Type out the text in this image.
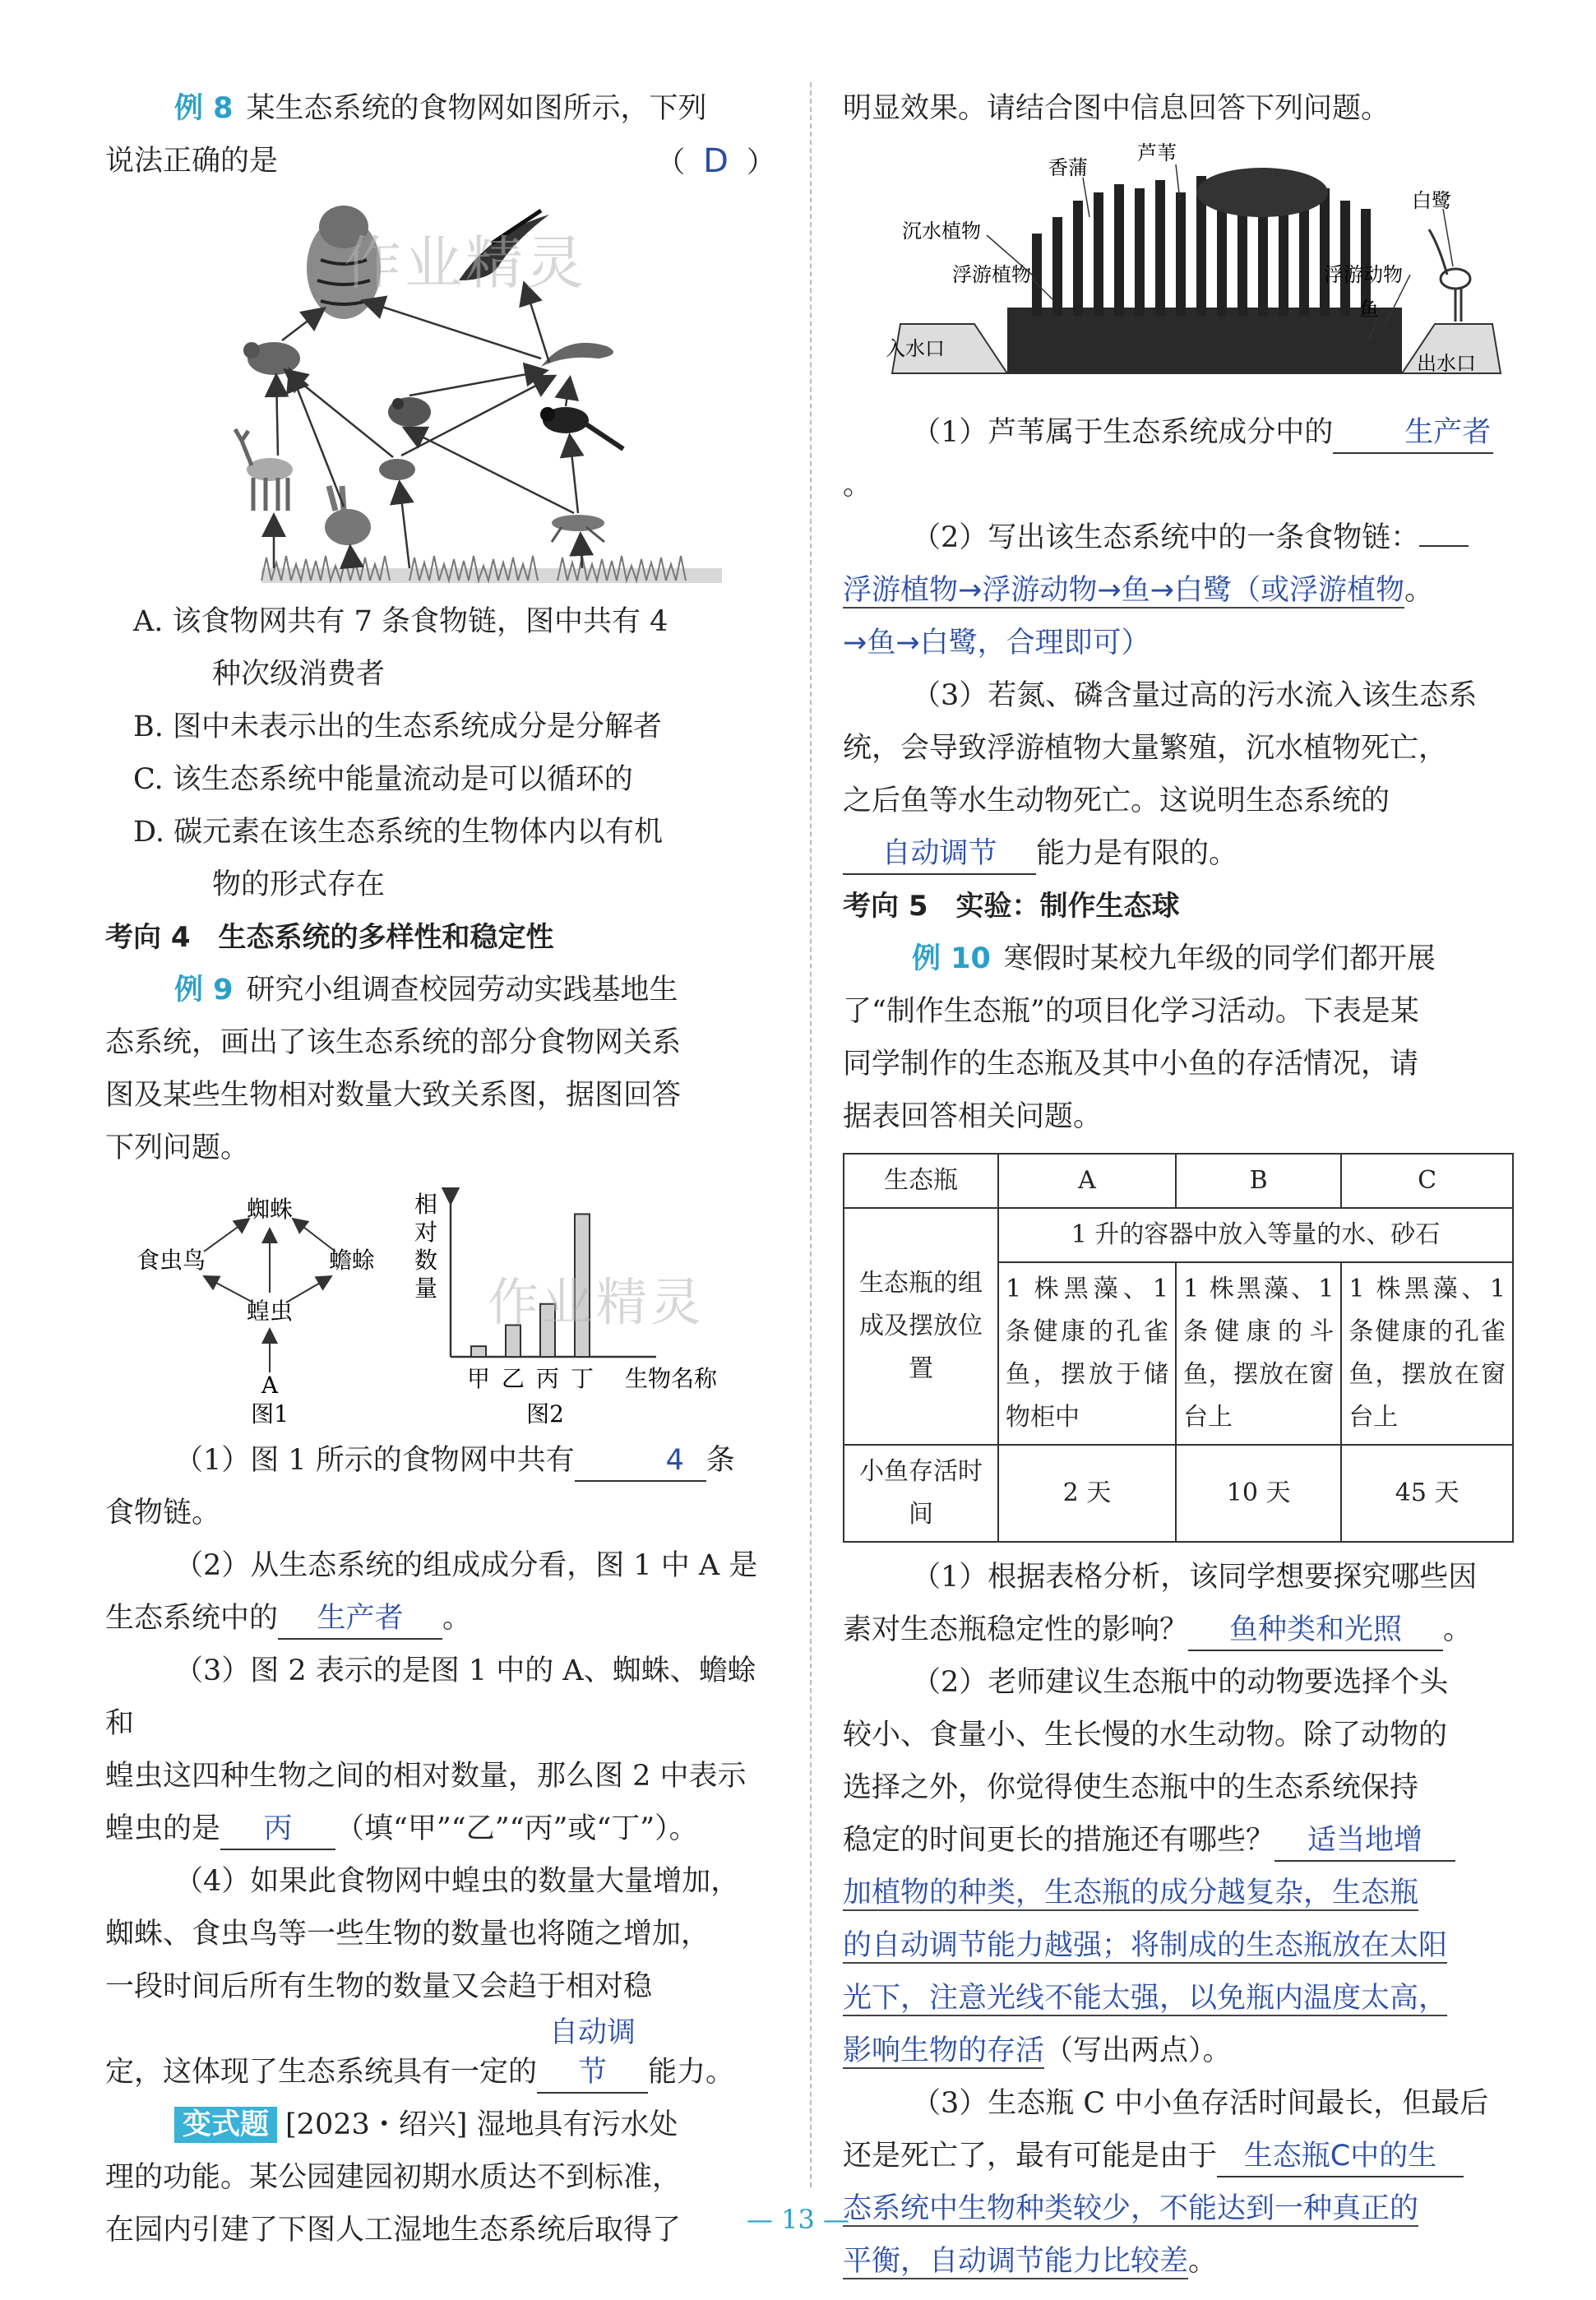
例 8 某生态系统的食物网如图所示，下列

说法正确的是	（ D ）

作业精灵

A. 该食物网共有 7 条食物链，图中共有 4

种次级消费者

B. 图中未表示出的生态系统成分是分解者

C. 该生态系统中能量流动是可以循环的

D. 碳元素在该生态系统的生物体内以有机

物的形式存在

考向 4　生态系统的多样性和稳定性

例 9 研究小组调查校园劳动实践基地生

态系统，画出了该生态系统的部分食物网关系

图及某些生物相对数量大致关系图，据图回答

下列问题。

蜘蛛
食虫鸟	蟾蜍
蝗虫
A
图1
相
对
数
量
甲 乙 丙 丁 生物名称
图2
作业精灵

（1）图 1 所示的食物网中共有	4 条

食物链。

（2）从生态系统的组成成分看，图 1 中 A 是

生态系统中的 生产者 。

（3）图 2 表示的是图 1 中的 A、蜘蛛、蟾蜍和

蝗虫这四种生物之间的相对数量，那么图 2 中表示

蝗虫的是 丙 （填“甲”“乙”“丙”或“丁”）。

（4）如果此食物网中蝗虫的数量大量增加，

蜘蛛、食虫鸟等一些生物的数量也将随之增加，

一段时间后所有生物的数量又会趋于相对稳

定，这体现了生态系统具有一定的自动调节 能力。

变式题 [2023・绍兴] 湿地具有污水处

理的功能。某公园建园初期水质达不到标准，

在园内引建了下图人工湿地生态系统后取得了

明显效果。请结合图中信息回答下列问题。

香蒲
芦苇
沉水植物
浮游植物
白鹭
浮游动物
鱼
入水口
出水口

（1）芦苇属于生态系统成分中的 生产者。

（2）写出该生态系统中的一条食物链：

浮游植物→浮游动物→鱼→白鹭（或浮游植物。

→鱼→白鹭，合理即可）

（3）若氮、磷含量过高的污水流入该生态系

统，会导致浮游植物大量繁殖，沉水植物死亡，

之后鱼等水生动物死亡。这说明生态系统的

自动调节 能力是有限的。

考向 5　实验：制作生态球

例 10 寒假时某校九年级的同学们都开展

了“制作生态瓶”的项目化学习活动。下表是某

同学制作的生态瓶及其中小鱼的存活情况，请

据表回答相关问题。

生态瓶	A	B	C
生态瓶的组成及摆放位置	1 升的容器中放入等量的水、砂石		
	1 株黑藻、1 条健康的孔雀鱼，摆放于储物柜中	1 株黑藻、1 条健康的斗鱼，摆放在窗台上	1 株黑藻、1 条健康的孔雀鱼，摆放在窗台上
小鱼存活时间	2 天	10 天	45 天

（1）根据表格分析，该同学想要探究哪些因

素对生态瓶稳定性的影响？ 鱼种类和光照 。

（2）老师建议生态瓶中的动物要选择个头

较小、食量小、生长慢的水生动物。除了动物的

选择之外，你觉得使生态瓶中的生态系统保持

稳定的时间更长的措施还有哪些？ 适当地增

加植物的种类，生态瓶的成分越复杂，生态瓶

的自动调节能力越强；将制成的生态瓶放在太阳

光下，注意光线不能太强，以免瓶内温度太高，

影响生物的存活（写出两点）。

（3）生态瓶 C 中小鱼存活时间最长，但最后

还是死亡了，最有可能是由于 生态瓶C中的生

态系统中生物种类较少，不能达到一种真正的

平衡，自动调节能力比较差。

— 13 —
